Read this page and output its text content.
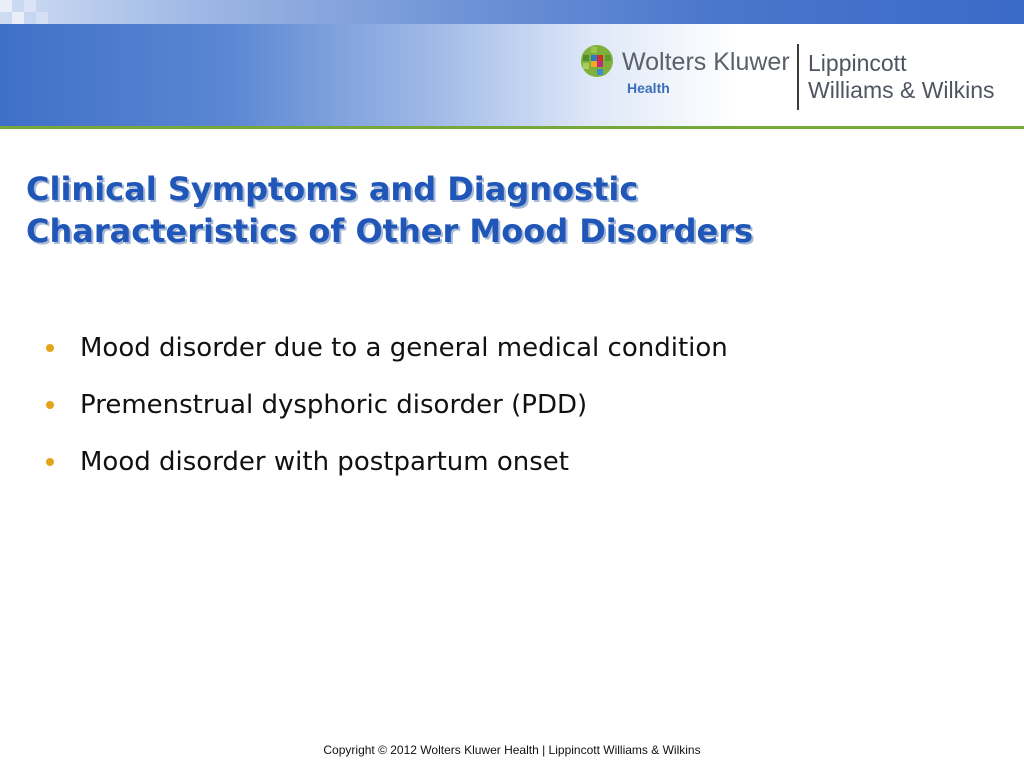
Wolters Kluwer
Health
Lippincott
Williams & Wilkins
Clinical Symptoms and Diagnostic
Characteristics of Other Mood Disorders
Mood disorder due to a general medical condition
Premenstrual dysphoric disorder (PDD)
Mood disorder with postpartum onset
Copyright © 2012 Wolters Kluwer Health | Lippincott Williams & Wilkins
